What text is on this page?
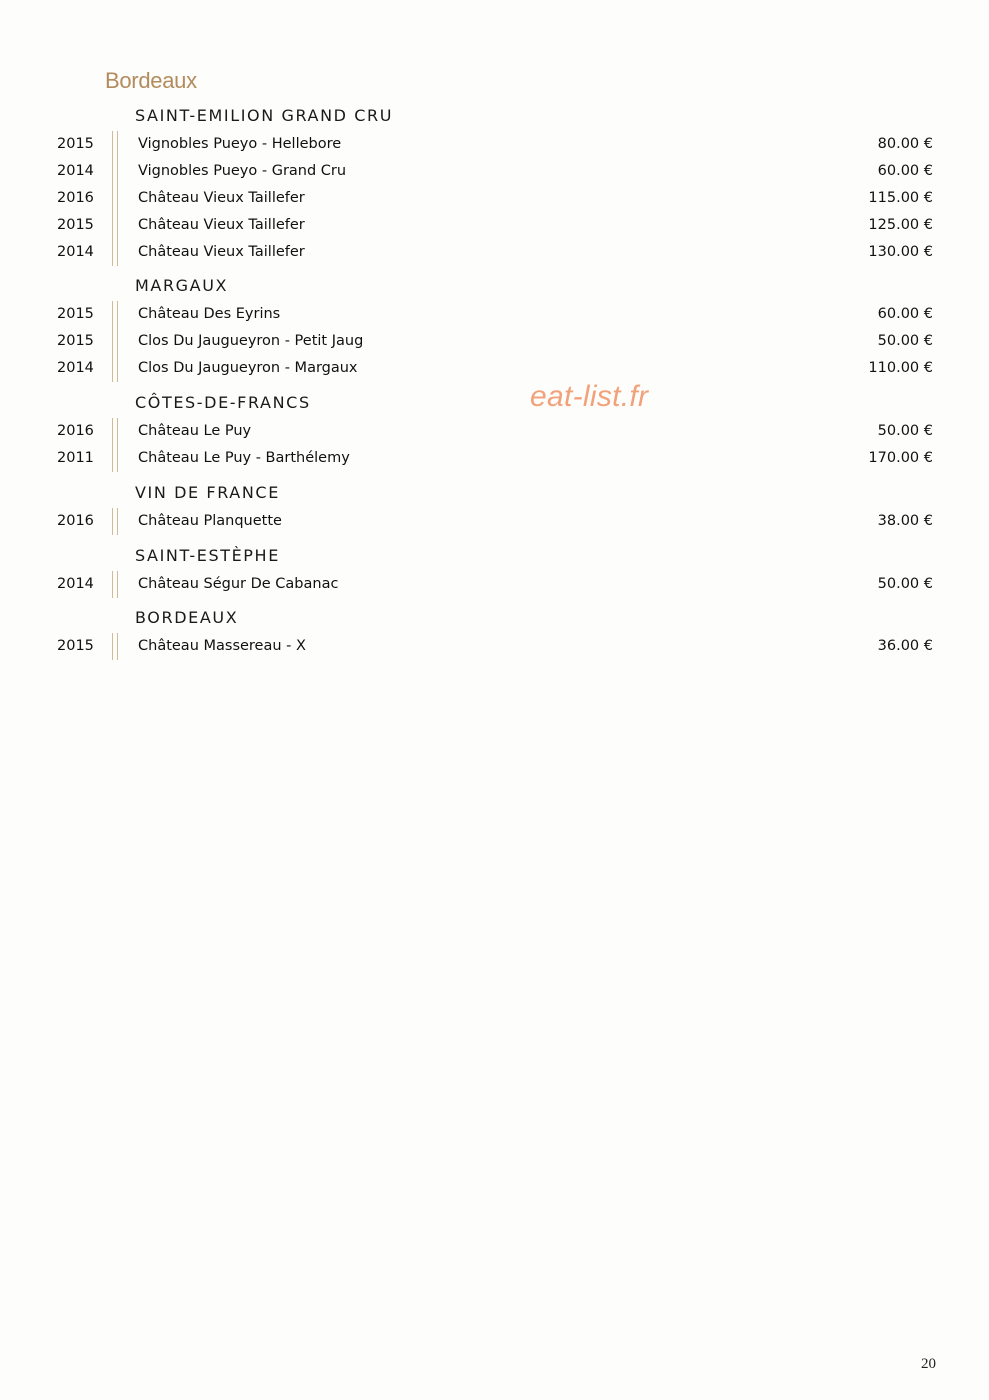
Bordeaux
eat-list.fr
SAINT-EMILION GRAND CRU
2015	Vignobles Pueyo - Hellebore	80.00 €
2014	Vignobles Pueyo - Grand Cru	60.00 €
2016	Château Vieux Taillefer	115.00 €
2015	Château Vieux Taillefer	125.00 €
2014	Château Vieux Taillefer	130.00 €
MARGAUX
2015	Château Des Eyrins	60.00 €
2015	Clos Du Jaugueyron - Petit Jaug	50.00 €
2014	Clos Du Jaugueyron - Margaux	110.00 €
CÔTES-DE-FRANCS
2016	Château Le Puy	50.00 €
2011	Château Le Puy - Barthélemy	170.00 €
VIN DE FRANCE
2016	Château Planquette	38.00 €
SAINT-ESTÈPHE
2014	Château Ségur De Cabanac	50.00 €
BORDEAUX
2015	Château Massereau - X	36.00 €
20
